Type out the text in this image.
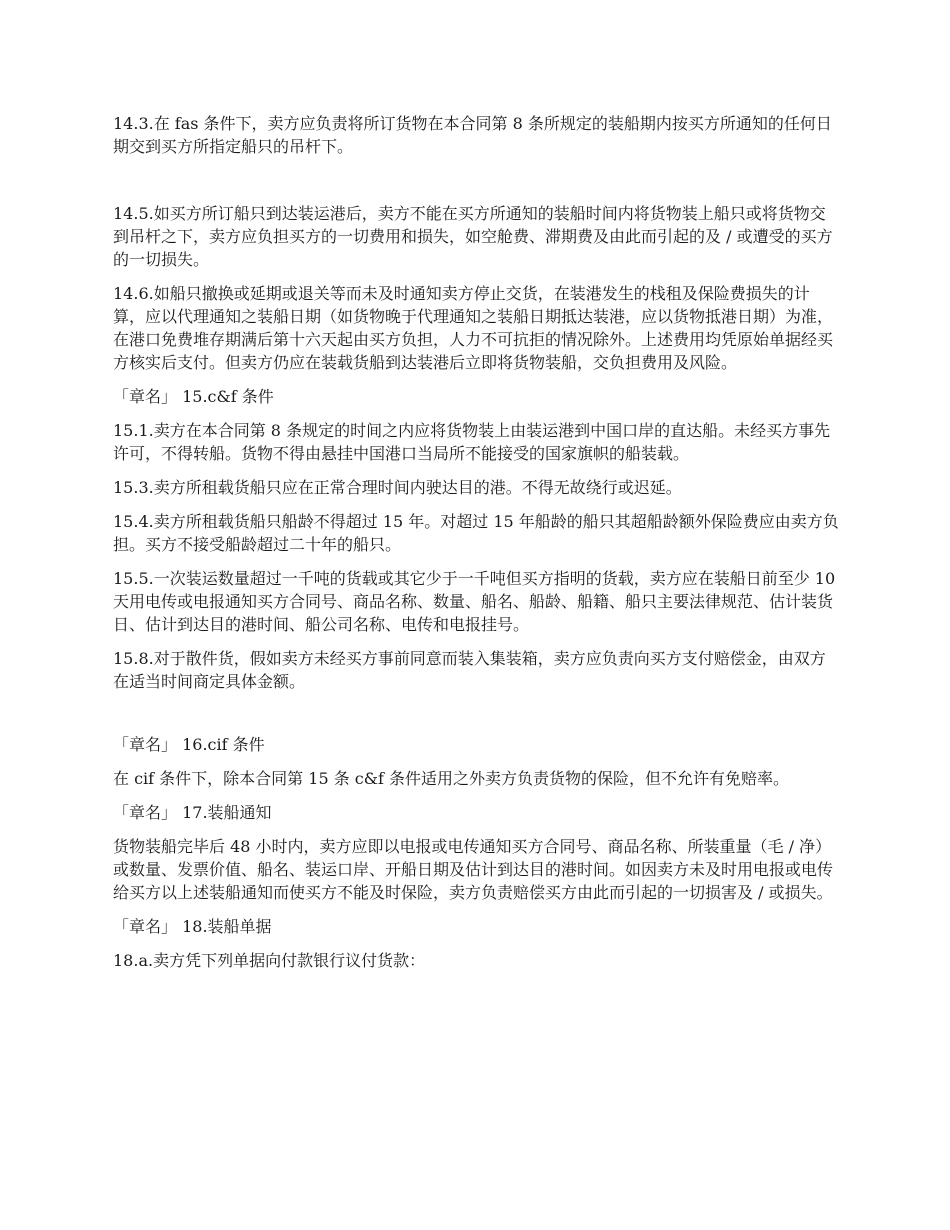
14.3.在 fas 条件下，卖方应负责将所订货物在本合同第 8 条所规定的装船期内按买方所通知的任何日期交到买方所指定船只的吊杆下。

14.5.如买方所订船只到达装运港后，卖方不能在买方所通知的装船时间内将货物装上船只或将货物交到吊杆之下，卖方应负担买方的一切费用和损失，如空舱费、滞期费及由此而引起的及 / 或遭受的买方的一切损失。

14.6.如船只撤换或延期或退关等而未及时通知卖方停止交货，在装港发生的栈租及保险费损失的计算，应以代理通知之装船日期（如货物晚于代理通知之装船日期抵达装港，应以货物抵港日期）为准，在港口免费堆存期满后第十六天起由买方负担，人力不可抗拒的情况除外。上述费用均凭原始单据经买方核实后支付。但卖方仍应在装载货船到达装港后立即将货物装船，交负担费用及风险。

「章名」 15.c&f 条件

15.1.卖方在本合同第 8 条规定的时间之内应将货物装上由装运港到中国口岸的直达船。未经买方事先许可，不得转船。货物不得由悬挂中国港口当局所不能接受的国家旗帜的船装载。

15.3.卖方所租载货船只应在正常合理时间内驶达目的港。不得无故绕行或迟延。

15.4.卖方所租载货船只船龄不得超过 15 年。对超过 15 年船龄的船只其超船龄额外保险费应由卖方负担。买方不接受船龄超过二十年的船只。

15.5.一次装运数量超过一千吨的货载或其它少于一千吨但买方指明的货载，卖方应在装船日前至少 10 天用电传或电报通知买方合同号、商品名称、数量、船名、船龄、船籍、船只主要法律规范、估计装货日、估计到达目的港时间、船公司名称、电传和电报挂号。

15.8.对于散件货，假如卖方未经买方事前同意而装入集装箱，卖方应负责向买方支付赔偿金，由双方在适当时间商定具体金额。

「章名」 16.cif 条件

在 cif 条件下，除本合同第 15 条 c&f 条件适用之外卖方负责货物的保险，但不允许有免赔率。

「章名」 17.装船通知

货物装船完毕后 48 小时内，卖方应即以电报或电传通知买方合同号、商品名称、所装重量（毛 / 净）或数量、发票价值、船名、装运口岸、开船日期及估计到达目的港时间。如因卖方未及时用电报或电传给买方以上述装船通知而使买方不能及时保险，卖方负责赔偿买方由此而引起的一切损害及 / 或损失。

「章名」 18.装船单据

18.a.卖方凭下列单据向付款银行议付货款：
